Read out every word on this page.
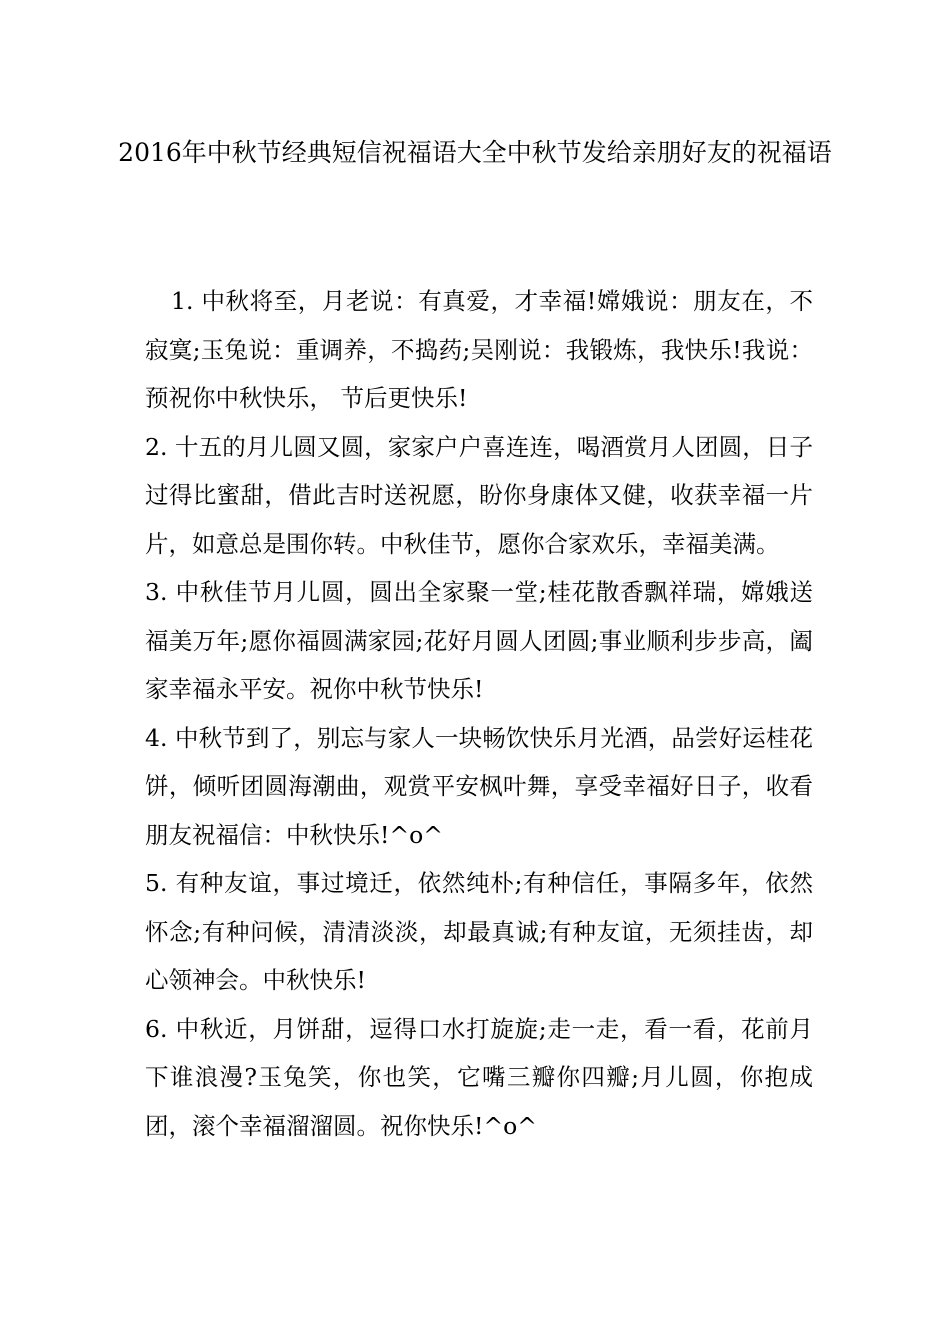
2016年中秋节经典短信祝福语大全中秋节发给亲朋好友的祝福语

1. 中秋将至，月老说：有真爱，才幸福!嫦娥说：朋友在，不寂寞;玉兔说：重调养，不捣药;吴刚说：我锻炼，我快乐!我说：预祝你中秋快乐， 节后更快乐!

2. 十五的月儿圆又圆，家家户户喜连连，喝酒赏月人团圆，日子过得比蜜甜，借此吉时送祝愿，盼你身康体又健，收获幸福一片片，如意总是围你转。中秋佳节，愿你合家欢乐，幸福美满。

3. 中秋佳节月儿圆，圆出全家聚一堂;桂花散香飘祥瑞，嫦娥送福美万年;愿你福圆满家园;花好月圆人团圆;事业顺利步步高，阖家幸福永平安。祝你中秋节快乐!

4. 中秋节到了，别忘与家人一块畅饮快乐月光酒，品尝好运桂花饼，倾听团圆海潮曲，观赏平安枫叶舞，享受幸福好日子，收看朋友祝福信：中秋快乐!^o^

5. 有种友谊，事过境迁，依然纯朴;有种信任，事隔多年，依然怀念;有种问候，清清淡淡，却最真诚;有种友谊，无须挂齿，却心领神会。中秋快乐!

6. 中秋近，月饼甜，逗得口水打旋旋;走一走，看一看，花前月下谁浪漫?玉兔笑，你也笑，它嘴三瓣你四瓣;月儿圆，你抱成团，滚个幸福溜溜圆。祝你快乐!^o^
